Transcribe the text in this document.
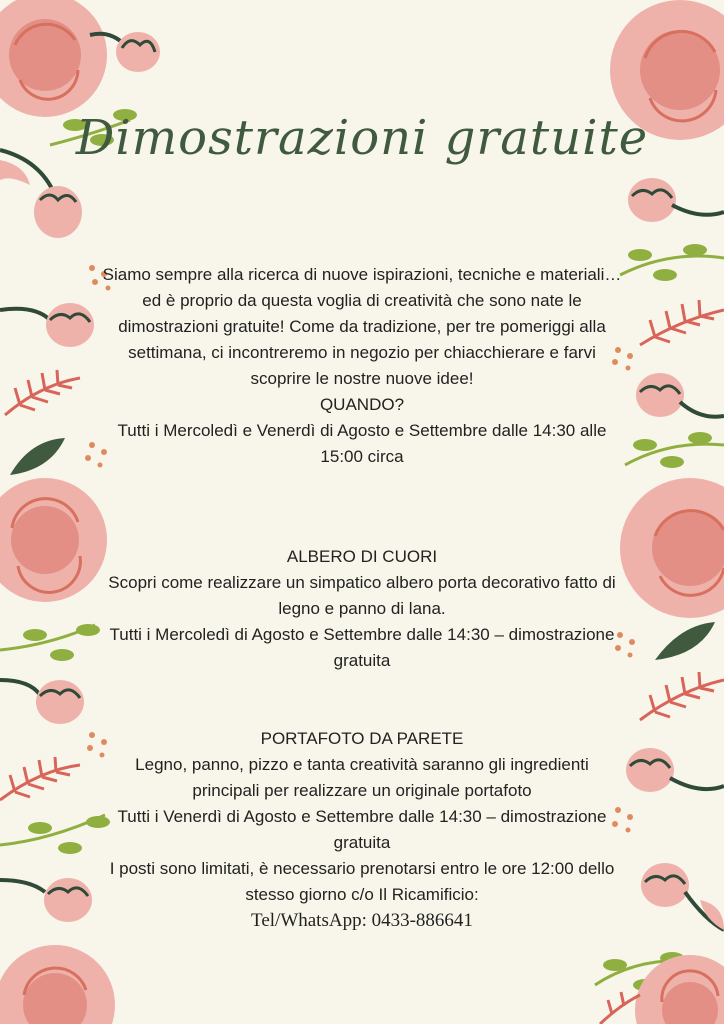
Dimostrazioni gratuite

Siamo sempre alla ricerca di nuove ispirazioni, tecniche e materiali…ed è proprio da questa voglia di creatività che sono nate le dimostrazioni gratuite! Come da tradizione, per tre pomeriggi alla settimana, ci incontreremo in negozio per chiacchierare e farvi scoprire le nostre nuove idee!

QUANDO?

Tutti i Mercoledì e Venerdì di Agosto e Settembre dalle 14:30 alle 15:00 circa

ALBERO DI CUORI

Scopri come realizzare un simpatico albero porta decorativo fatto di legno e panno di lana.

Tutti i Mercoledì di Agosto e Settembre dalle 14:30 – dimostrazione gratuita

PORTAFOTO DA PARETE

Legno, panno, pizzo e tanta creatività saranno gli ingredienti principali per realizzare un originale portafoto

Tutti i Venerdì di Agosto e Settembre dalle 14:30 – dimostrazione gratuita

I posti sono limitati, è necessario prenotarsi entro le ore 12:00 dello stesso giorno c/o Il Ricamificio:

Tel/WhatsApp: 0433-886641
